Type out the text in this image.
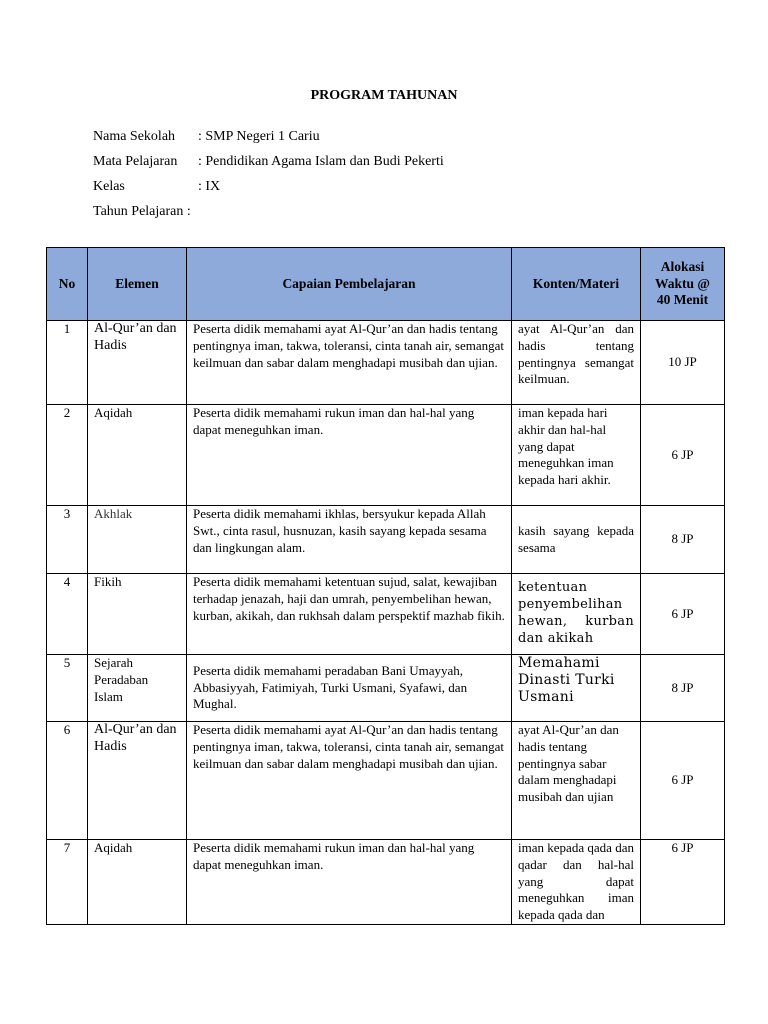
PROGRAM TAHUNAN
Nama Sekolah	: SMP Negeri 1 Cariu
Mata Pelajaran	: Pendidikan Agama Islam dan Budi Pekerti
Kelas	: IX
Tahun Pelajaran :
No	Elemen	Capaian Pembelajaran	Konten/Materi	Alokasi Waktu @ 40 Menit
1	Al-Qur’an dan Hadis	Peserta didik memahami ayat Al-Qur’an dan hadis tentang pentingnya iman, takwa, toleransi, cinta tanah air, semangat keilmuan dan sabar dalam menghadapi musibah dan ujian.	ayat Al-Qur’an dan hadis tentang pentingnya semangat keilmuan.	10 JP
2	Aqidah	Peserta didik memahami rukun iman dan hal-hal yang dapat meneguhkan iman.	iman kepada hari akhir dan hal-hal yang dapat meneguhkan iman kepada hari akhir.	6 JP
3	Akhlak	Peserta didik memahami ikhlas, bersyukur kepada Allah Swt., cinta rasul, husnuzan, kasih sayang kepada sesama dan lingkungan alam.	kasih sayang kepada sesama	8 JP
4	Fikih	Peserta didik memahami ketentuan sujud, salat, kewajiban terhadap jenazah, haji dan umrah, penyembelihan hewan, kurban, akikah, dan rukhsah dalam perspektif mazhab fikih.	ketentuan penyembelihan hewan, kurban dan akikah	6 JP
5	Sejarah Peradaban Islam	Peserta didik memahami peradaban Bani Umayyah, Abbasiyyah, Fatimiyah, Turki Usmani, Syafawi, dan Mughal.	Memahami Dinasti Turki Usmani	8 JP
6	Al-Qur’an dan Hadis	Peserta didik memahami ayat Al-Qur’an dan hadis tentang pentingnya iman, takwa, toleransi, cinta tanah air, semangat keilmuan dan sabar dalam menghadapi musibah dan ujian.	ayat Al-Qur’an dan hadis tentang pentingnya sabar dalam menghadapi musibah dan ujian	6 JP
7	Aqidah	Peserta didik memahami rukun iman dan hal-hal yang dapat meneguhkan iman.	iman kepada qada dan qadar dan hal-hal yang dapat meneguhkan iman kepada qada dan	6 JP
